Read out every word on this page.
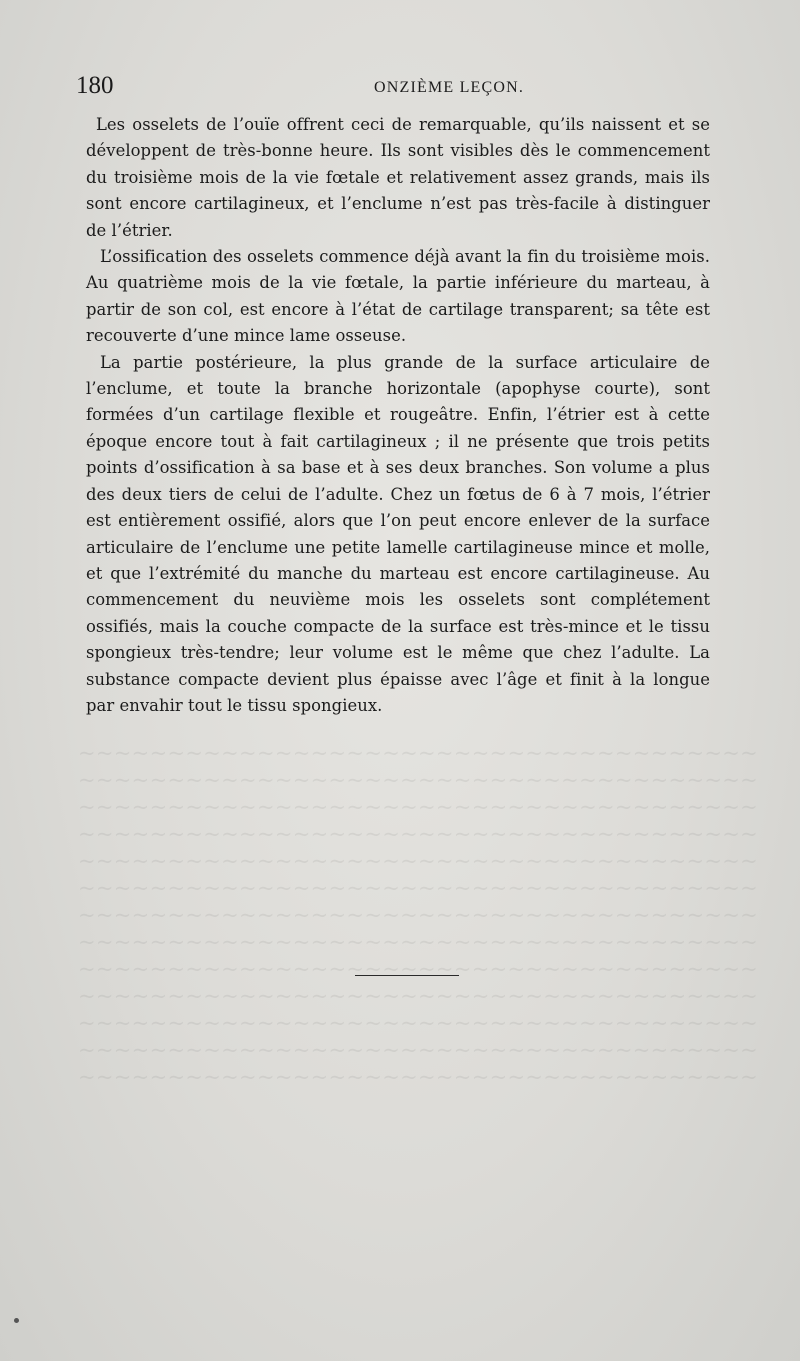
~~~~~~~~~~~~~~~~~~~~~~~~~~~~~~~~~~~~~~
~~~~~~~~~~~~~~~~~~~~~~~~~~~~~~~~~~~~~~
~~~~~~~~~~~~~~~~~~~~~~~~~~~~~~~~~~~~~~
~~~~~~~~~~~~~~~~~~~~~~~~~~~~~~~~~~~~~~
~~~~~~~~~~~~~~~~~~~~~~~~~~~~~~~~~~~~~~
~~~~~~~~~~~~~~~~~~~~~~~~~~~~~~~~~~~~~~
~~~~~~~~~~~~~~~~~~~~~~~~~~~~~~~~~~~~~~
~~~~~~~~~~~~~~~~~~~~~~~~~~~~~~~~~~~~~~
~~~~~~~~~~~~~~~~~~~~~~~~~~~~~~~~~~~~~~
~~~~~~~~~~~~~~~~~~~~~~~~~~~~~~~~~~~~~~
~~~~~~~~~~~~~~~~~~~~~~~~~~~~~~~~~~~~~~
~~~~~~~~~~~~~~~~~~~~~~~~~~~~~~~~~~~~~~
~~~~~~~~~~~~~~~~~~~~~~~~~~~~~~~~~~~~~~
180	ONZIÈME LEÇON.

Les osselets de l’ouïe offrent ceci de remarquable, qu’ils naissent et se développent de très-bonne heure. Ils sont visibles dès le commencement du troisième mois de la vie fœtale et relativement assez grands, mais ils sont encore cartilagineux, et l’enclume n’est pas très-facile à distinguer de l’étrier.

L’ossification des osselets commence déjà avant la fin du troisième mois. Au quatrième mois de la vie fœtale, la partie inférieure du marteau, à partir de son col, est encore à l’état de cartilage transparent; sa tête est recouverte d’une mince lame osseuse.

La partie postérieure, la plus grande de la surface articulaire de l’enclume, et toute la branche horizontale (apophyse courte), sont formées d’un cartilage flexible et rougeâtre. Enfin, l’étrier est à cette époque encore tout à fait cartilagineux ; il ne présente que trois petits points d’ossification à sa base et à ses deux branches. Son volume a plus des deux tiers de celui de l’adulte. Chez un fœtus de 6 à 7 mois, l’étrier est entièrement ossifié, alors que l’on peut encore enlever de la surface articulaire de l’enclume une petite lamelle cartilagineuse mince et molle, et que l’extrémité du manche du marteau est encore cartilagineuse. Au commencement du neuvième mois les osselets sont complétement ossifiés, mais la couche compacte de la surface est très-mince et le tissu spongieux très-tendre; leur volume est le même que chez l’adulte. La substance compacte devient plus épaisse avec l’âge et finit à la longue par envahir tout le tissu spongieux.
